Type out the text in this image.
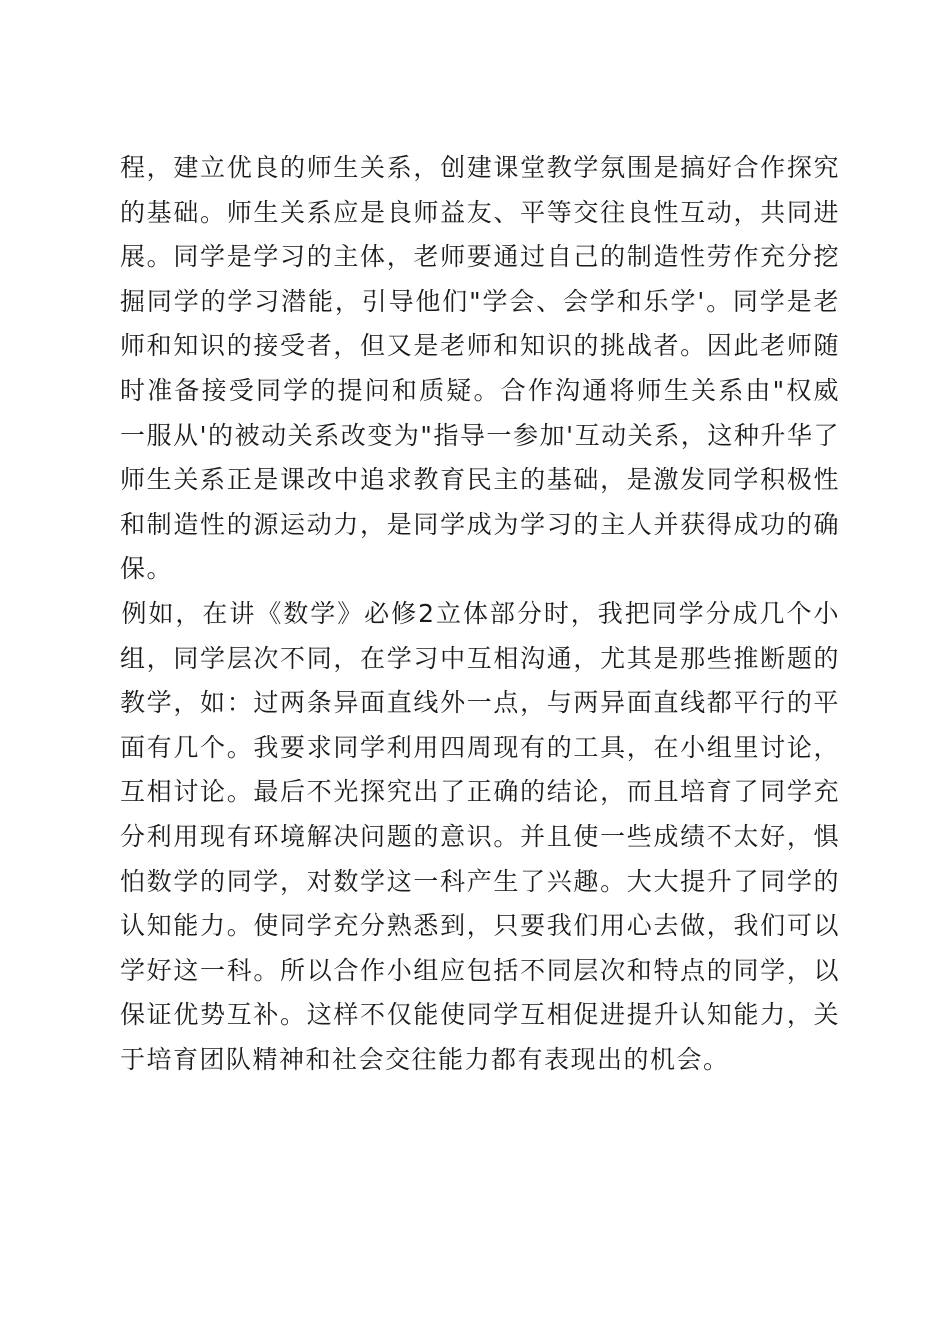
程，建立优良的师生关系，创建课堂教学氛围是搞好合作探究的基础。师生关系应是良师益友、平等交往良性互动，共同进展。同学是学习的主体，老师要通过自己的制造性劳作充分挖掘同学的学习潜能，引导他们"学会、会学和乐学'。同学是老师和知识的接受者，但又是老师和知识的挑战者。因此老师随时准备接受同学的提问和质疑。合作沟通将师生关系由"权威一服从'的被动关系改变为"指导一参加'互动关系，这种升华了师生关系正是课改中追求教育民主的基础，是激发同学积极性和制造性的源运动力，是同学成为学习的主人并获得成功的确保。

例如，在讲《数学》必修2立体部分时，我把同学分成几个小组，同学层次不同，在学习中互相沟通，尤其是那些推断题的教学，如：过两条异面直线外一点，与两异面直线都平行的平面有几个。我要求同学利用四周现有的工具，在小组里讨论，互相讨论。最后不光探究出了正确的结论，而且培育了同学充分利用现有环境解决问题的意识。并且使一些成绩不太好，惧怕数学的同学，对数学这一科产生了兴趣。大大提升了同学的认知能力。使同学充分熟悉到，只要我们用心去做，我们可以学好这一科。所以合作小组应包括不同层次和特点的同学，以保证优势互补。这样不仅能使同学互相促进提升认知能力，关于培育团队精神和社会交往能力都有表现出的机会。
